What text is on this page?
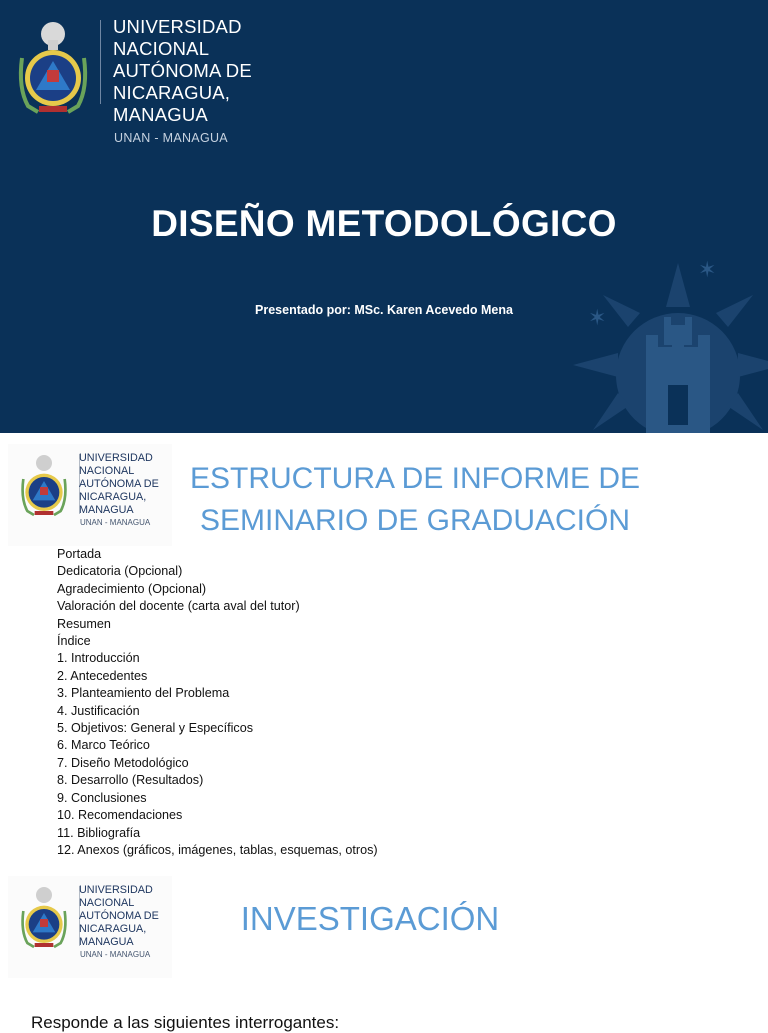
✶
✶
UNIVERSIDAD
NACIONAL
AUTÓNOMA DE
NICARAGUA,
MANAGUA
UNAN - MANAGUA
DISEÑO METODOLÓGICO
Presentado por: MSc. Karen Acevedo Mena
UNIVERSIDAD
NACIONAL
AUTÓNOMA DE
NICARAGUA,
MANAGUA
UNAN - MANAGUA
ESTRUCTURA DE INFORME DE
SEMINARIO DE GRADUACIÓN
Portada
Dedicatoria (Opcional)
Agradecimiento (Opcional)
Valoración del docente (carta aval del tutor)
Resumen
Índice
1. Introducción
2. Antecedentes
3. Planteamiento del Problema
4. Justificación
5. Objetivos: General y Específicos
6. Marco Teórico
7. Diseño Metodológico
8. Desarrollo (Resultados)
9. Conclusiones
10. Recomendaciones
11. Bibliografía
12. Anexos (gráficos, imágenes, tablas, esquemas, otros)
UNIVERSIDAD
NACIONAL
AUTÓNOMA DE
NICARAGUA,
MANAGUA
UNAN - MANAGUA
INVESTIGACIÓN
Responde a las siguientes interrogantes:
